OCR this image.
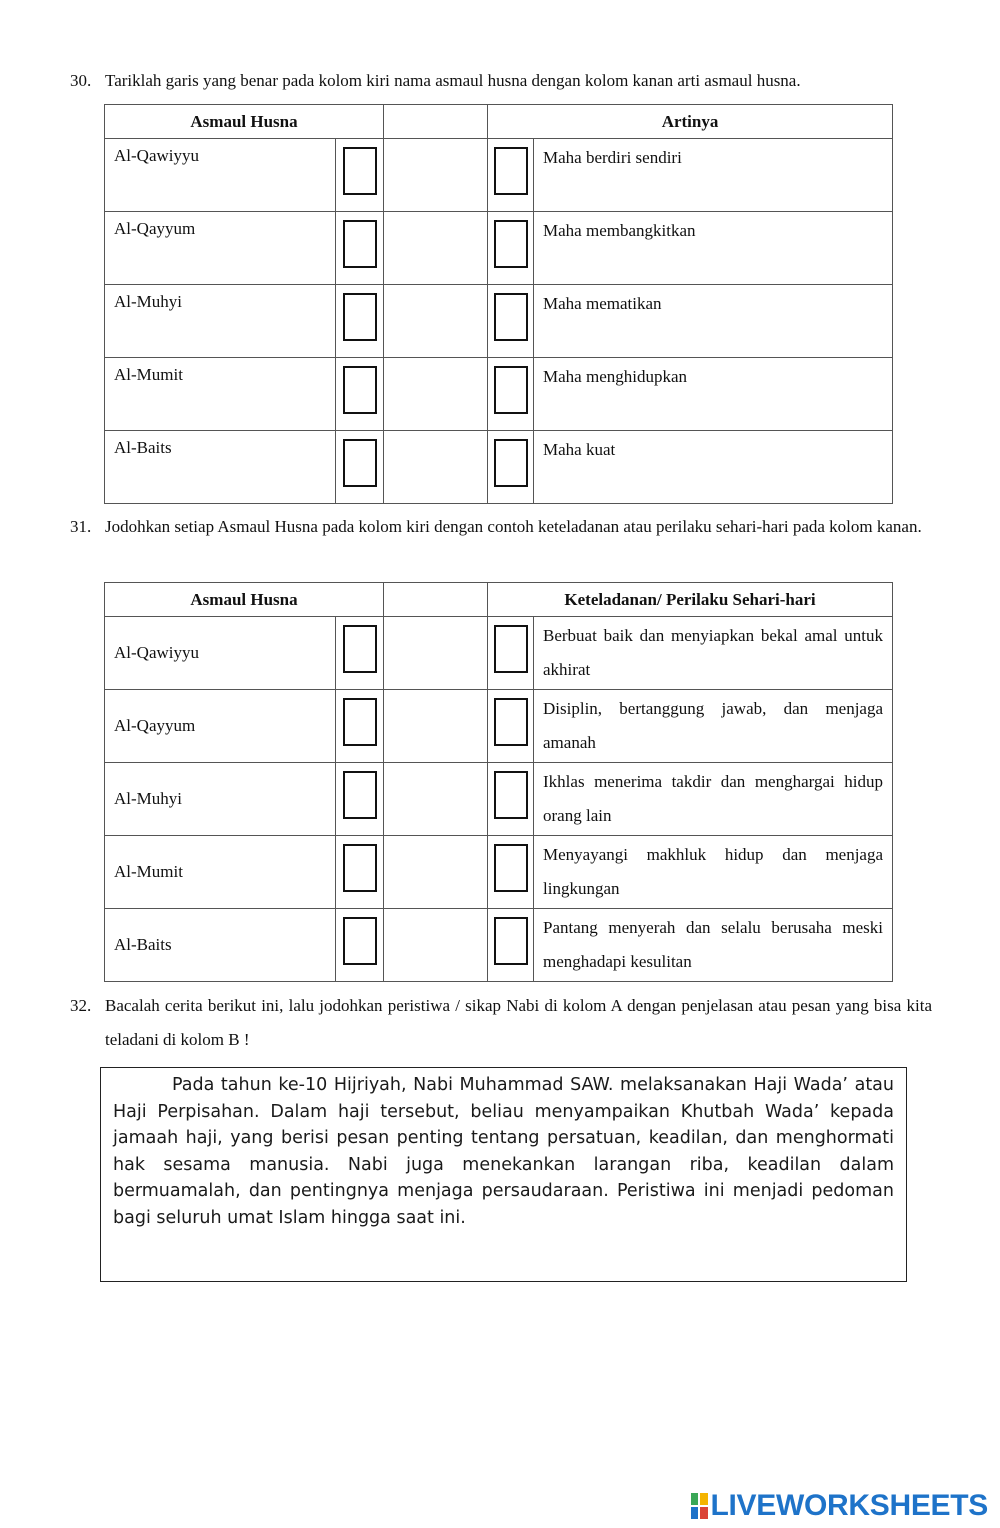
30. Tariklah garis yang benar pada kolom kiri nama asmaul husna dengan kolom kanan arti asmaul husna.
Asmaul Husna			Artinya	
Al-Qawiyyu				Maha berdiri sendiri
Al-Qayyum				Maha membangkitkan
Al-Muhyi				Maha mematikan
Al-Mumit				Maha menghidupkan
Al-Baits				Maha kuat
31. Jodohkan setiap Asmaul Husna pada kolom kiri dengan contoh keteladanan atau perilaku sehari-hari pada kolom kanan.
Asmaul Husna			Keteladanan/ Perilaku Sehari-hari	
Al-Qawiyyu				Berbuat baik dan menyiapkan bekal amal untuk akhirat
Al-Qayyum				Disiplin, bertanggung jawab, dan menjaga amanah
Al-Muhyi				Ikhlas menerima takdir dan menghargai hidup orang lain
Al-Mumit				Menyayangi makhluk hidup dan menjaga lingkungan
Al-Baits				Pantang menyerah dan selalu berusaha meski menghadapi kesulitan
32. Bacalah cerita berikut ini, lalu jodohkan peristiwa / sikap Nabi di kolom A dengan penjelasan atau pesan yang bisa kita teladani di kolom B !

Pada tahun ke-10 Hijriyah, Nabi Muhammad SAW. melaksanakan Haji Wada’ atau Haji Perpisahan. Dalam haji tersebut, beliau menyampaikan Khutbah Wada’ kepada jamaah haji, yang berisi pesan penting tentang persatuan, keadilan, dan menghormati hak sesama manusia. Nabi juga menekankan larangan riba, keadilan dalam bermuamalah, dan pentingnya menjaga persaudaraan. Peristiwa ini menjadi pedoman bagi seluruh umat Islam hingga saat ini.

LIVEWORKSHEETS
